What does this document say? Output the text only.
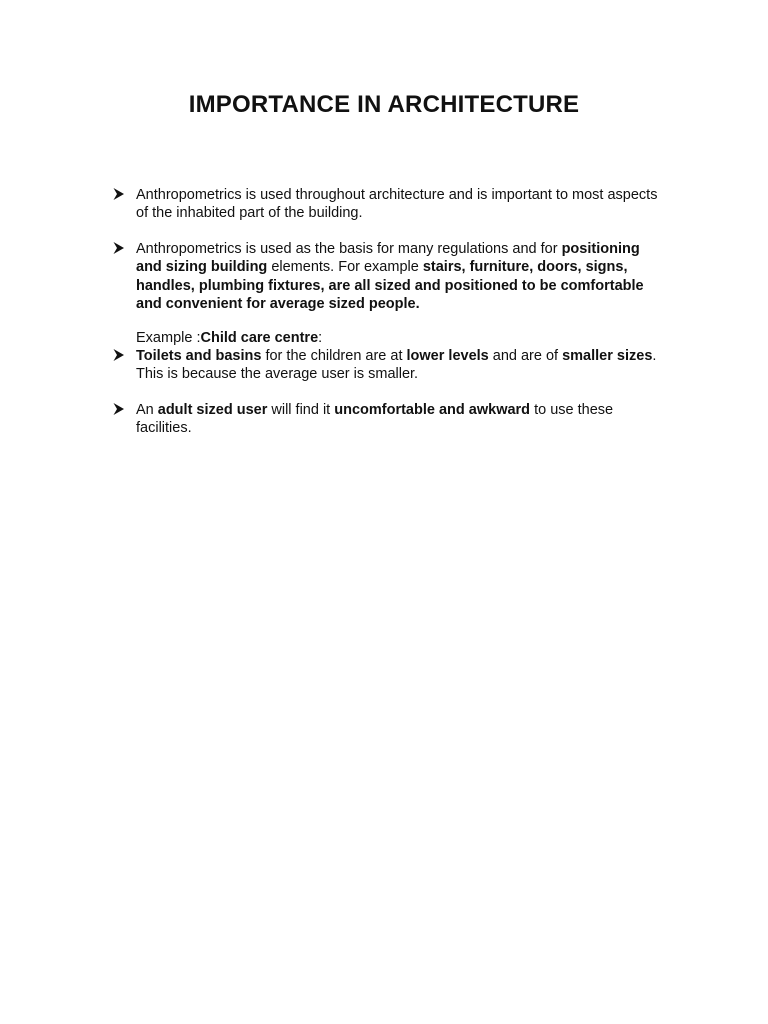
IMPORTANCE IN ARCHITECTURE
Anthropometrics is used throughout architecture and is important to most aspects
of the inhabited part of the building.
Anthropometrics is used as the basis for many regulations and for positioning
and sizing building elements. For example stairs, furniture, doors, signs,
handles, plumbing fixtures, are all sized and positioned to be comfortable
and convenient for average sized people.
Example :Child care centre:
Toilets and basins for the children are at lower levels and are of smaller sizes.
This is because the average user is smaller.
An adult sized user will find it uncomfortable and awkward to use these
facilities.
